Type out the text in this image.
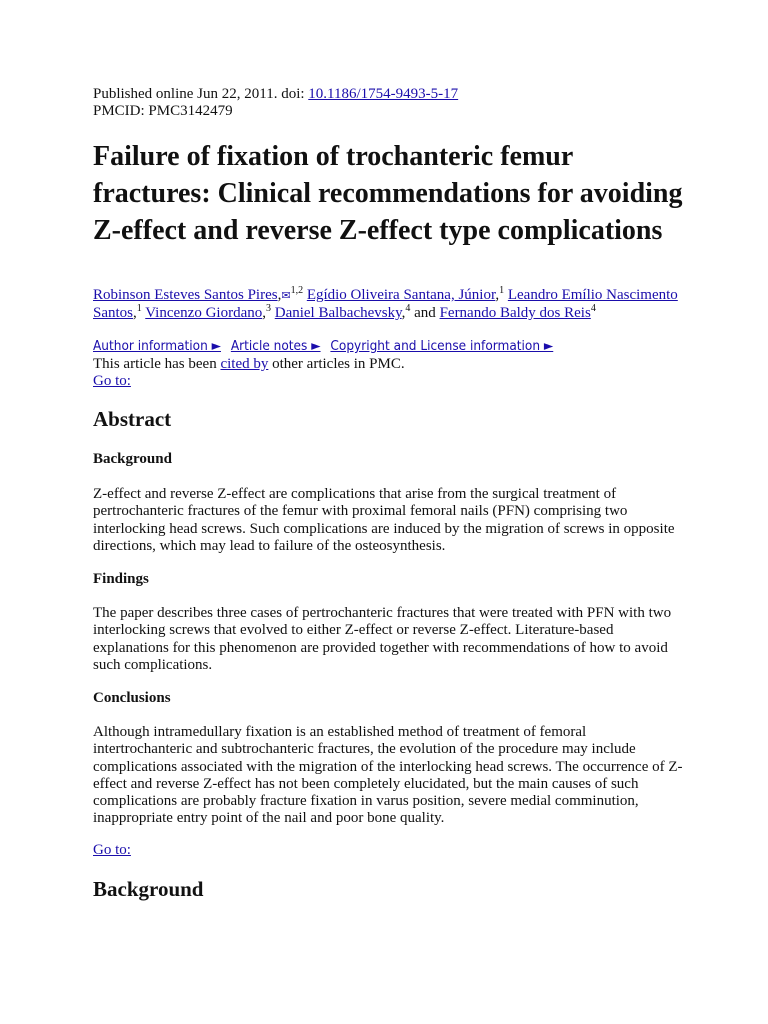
Published online Jun 22, 2011. doi: 10.1186/1754-9493-5-17
PMCID: PMC3142479
Failure of fixation of trochanteric femur fractures: Clinical recommendations for avoiding Z-effect and reverse Z-effect type complications
Robinson Esteves Santos Pires,✉$^{1,2}$ Egídio Oliveira Santana, Júnior,$^1$ Leandro Emílio Nascimento Santos,$^1$ Vincenzo Giordano,$^3$ Daniel Balbachevsky,$^4$ and Fernando Baldy dos Reis$^4$
Author information ► Article notes ► Copyright and License information ►
This article has been cited by other articles in PMC.
Go to:
Abstract
Background

Z-effect and reverse Z-effect are complications that arise from the surgical treatment of pertrochanteric fractures of the femur with proximal femoral nails (PFN) comprising two interlocking head screws. Such complications are induced by the migration of screws in opposite directions, which may lead to failure of the osteosynthesis.

Findings

The paper describes three cases of pertrochanteric fractures that were treated with PFN with two interlocking screws that evolved to either Z-effect or reverse Z-effect. Literature-based explanations for this phenomenon are provided together with recommendations of how to avoid such complications.

Conclusions

Although intramedullary fixation is an established method of treatment of femoral intertrochanteric and subtrochanteric fractures, the evolution of the procedure may include complications associated with the migration of the interlocking head screws. The occurrence of Z-effect and reverse Z-effect has not been completely elucidated, but the main causes of such complications are probably fracture fixation in varus position, severe medial comminution, inappropriate entry point of the nail and poor bone quality.

Go to:
Background
